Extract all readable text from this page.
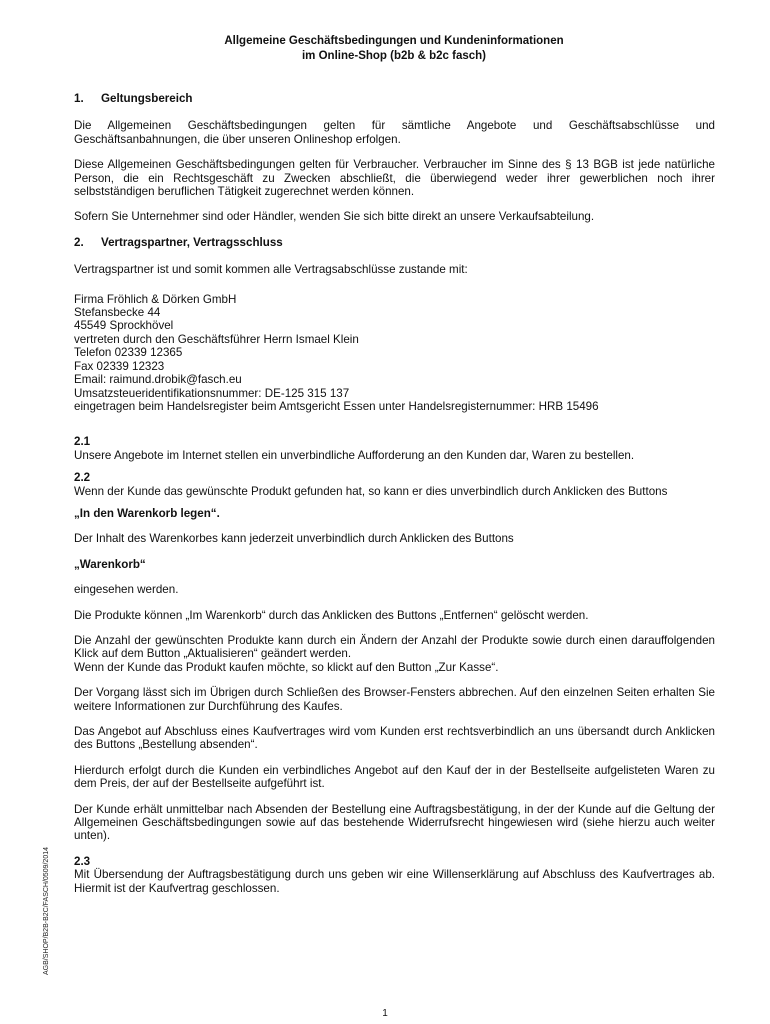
Allgemeine Geschäftsbedingungen und Kundeninformationen
im Online-Shop (b2b & b2c fasch)
1.	Geltungsbereich

Die Allgemeinen Geschäftsbedingungen gelten für sämtliche Angebote und Geschäftsabschlüsse und Geschäftsanbahnungen, die über unseren Onlineshop erfolgen.

Diese Allgemeinen Geschäftsbedingungen gelten für Verbraucher. Verbraucher im Sinne des § 13 BGB ist jede natürliche Person, die ein Rechtsgeschäft zu Zwecken abschließt, die überwiegend weder ihrer gewerblichen noch ihrer selbstständigen beruflichen Tätigkeit zugerechnet werden können.

Sofern Sie Unternehmer sind oder Händler, wenden Sie sich bitte direkt an unsere Verkaufsabteilung.

2.	Vertragspartner, Vertragsschluss

Vertragspartner ist und somit kommen alle Vertragsabschlüsse zustande mit:

Firma Fröhlich & Dörken GmbH
Stefansbecke 44
45549 Sprockhövel
vertreten durch den Geschäftsführer Herrn Ismael Klein
Telefon 02339 12365
Fax 02339 12323
Email: raimund.drobik@fasch.eu
Umsatzsteueridentifikationsnummer: DE-125 315 137
eingetragen beim Handelsregister beim Amtsgericht Essen unter Handelsregisternummer: HRB 15496

2.1

Unsere Angebote im Internet stellen ein unverbindliche Aufforderung an den Kunden dar, Waren zu bestellen.

2.2

Wenn der Kunde das gewünschte Produkt gefunden hat, so kann er dies unverbindlich durch Anklicken des Buttons

„In den Warenkorb legen“.

Der Inhalt des Warenkorbes kann jederzeit unverbindlich durch Anklicken des Buttons

„Warenkorb“

eingesehen werden.

Die Produkte können „Im Warenkorb“ durch das Anklicken des Buttons „Entfernen“ gelöscht werden.

Die Anzahl der gewünschten Produkte kann durch ein Ändern der Anzahl der Produkte sowie durch einen darauffolgenden Klick auf dem Button „Aktualisieren“ geändert werden.

Wenn der Kunde das Produkt kaufen möchte, so klickt auf den Button „Zur Kasse“.

Der Vorgang lässt sich im Übrigen durch Schließen des Browser-Fensters abbrechen. Auf den einzelnen Seiten erhalten Sie weitere Informationen zur Durchführung des Kaufes.

Das Angebot auf Abschluss eines Kaufvertrages wird vom Kunden erst rechtsverbindlich an uns übersandt durch Anklicken des Buttons „Bestellung absenden“.

Hierdurch erfolgt durch die Kunden ein verbindliches Angebot auf den Kauf der in der Bestellseite aufgelisteten Waren zu dem Preis, der auf der Bestellseite aufgeführt ist.

Der Kunde erhält unmittelbar nach Absenden der Bestellung eine Auftragsbestätigung, in der der Kunde auf die Geltung der Allgemeinen Geschäftsbedingungen sowie auf das bestehende Widerrufsrecht hingewiesen wird (siehe hierzu auch weiter unten).

2.3

Mit Übersendung der Auftragsbestätigung durch uns geben wir eine Willenserklärung auf Abschluss des Kaufvertrages ab. Hiermit ist der Kaufvertrag geschlossen.

AGB/SHOP/B2B-B2C/FASCH/0509/2014
1
